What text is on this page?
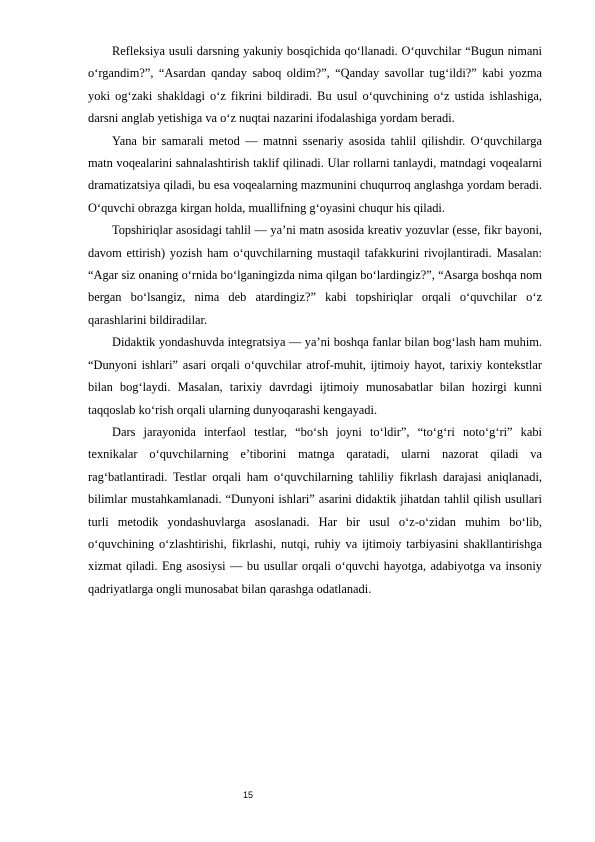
Refleksiya usuli darsning yakuniy bosqichida qo‘llanadi. O‘quvchilar “Bugun nimani o‘rgandim?”, “Asardan qanday saboq oldim?”, “Qanday savollar tug‘ildi?” kabi yozma yoki og‘zaki shakldagi o‘z fikrini bildiradi. Bu usul o‘quvchining o‘z ustida ishlashiga, darsni anglab yetishiga va o‘z nuqtai nazarini ifodalashiga yordam beradi.

Yana bir samarali metod — matnni ssenariy asosida tahlil qilishdir. O‘quvchilarga matn voqealarini sahnalashtirish taklif qilinadi. Ular rollarni tanlaydi, matndagi voqealarni dramatizatsiya qiladi, bu esa voqealarning mazmunini chuqurroq anglashga yordam beradi. O‘quvchi obrazga kirgan holda, muallifning g‘oyasini chuqur his qiladi.

Topshiriqlar asosidagi tahlil — ya’ni matn asosida kreativ yozuvlar (esse, fikr bayoni, davom ettirish) yozish ham o‘quvchilarning mustaqil tafakkurini rivojlantiradi. Masalan: “Agar siz onaning o‘rnida bo‘lganingizda nima qilgan bo‘lardingiz?”, “Asarga boshqa nom bergan bo‘lsangiz, nima deb atardingiz?” kabi topshiriqlar orqali o‘quvchilar o‘z qarashlarini bildiradilar.

Didaktik yondashuvda integratsiya — ya’ni boshqa fanlar bilan bog‘lash ham muhim. “Dunyoni ishlari” asari orqali o‘quvchilar atrof-muhit, ijtimoiy hayot, tarixiy kontekstlar bilan bog‘laydi. Masalan, tarixiy davrdagi ijtimoiy munosabatlar bilan hozirgi kunni taqqoslab ko‘rish orqali ularning dunyoqarashi kengayadi.

Dars jarayonida interfaol testlar, “bo‘sh joyni to‘ldir”, “to‘g‘ri noto‘g‘ri” kabi texnikalar o‘quvchilarning e’tiborini matnga qaratadi, ularni nazorat qiladi va rag‘batlantiradi. Testlar orqali ham o‘quvchilarning tahliliy fikrlash darajasi aniqlanadi, bilimlar mustahkamlanadi. “Dunyoni ishlari” asarini didaktik jihatdan tahlil qilish usullari turli metodik yondashuvlarga asoslanadi. Har bir usul o‘z-o‘zidan muhim bo‘lib, o‘quvchining o‘zlashtirishi, fikrlashi, nutqi, ruhiy va ijtimoiy tarbiyasini shakllantirishga xizmat qiladi. Eng asosiysi — bu usullar orqali o‘quvchi hayotga, adabiyotga va insoniy qadriyatlarga ongli munosabat bilan qarashga odatlanadi.

15
